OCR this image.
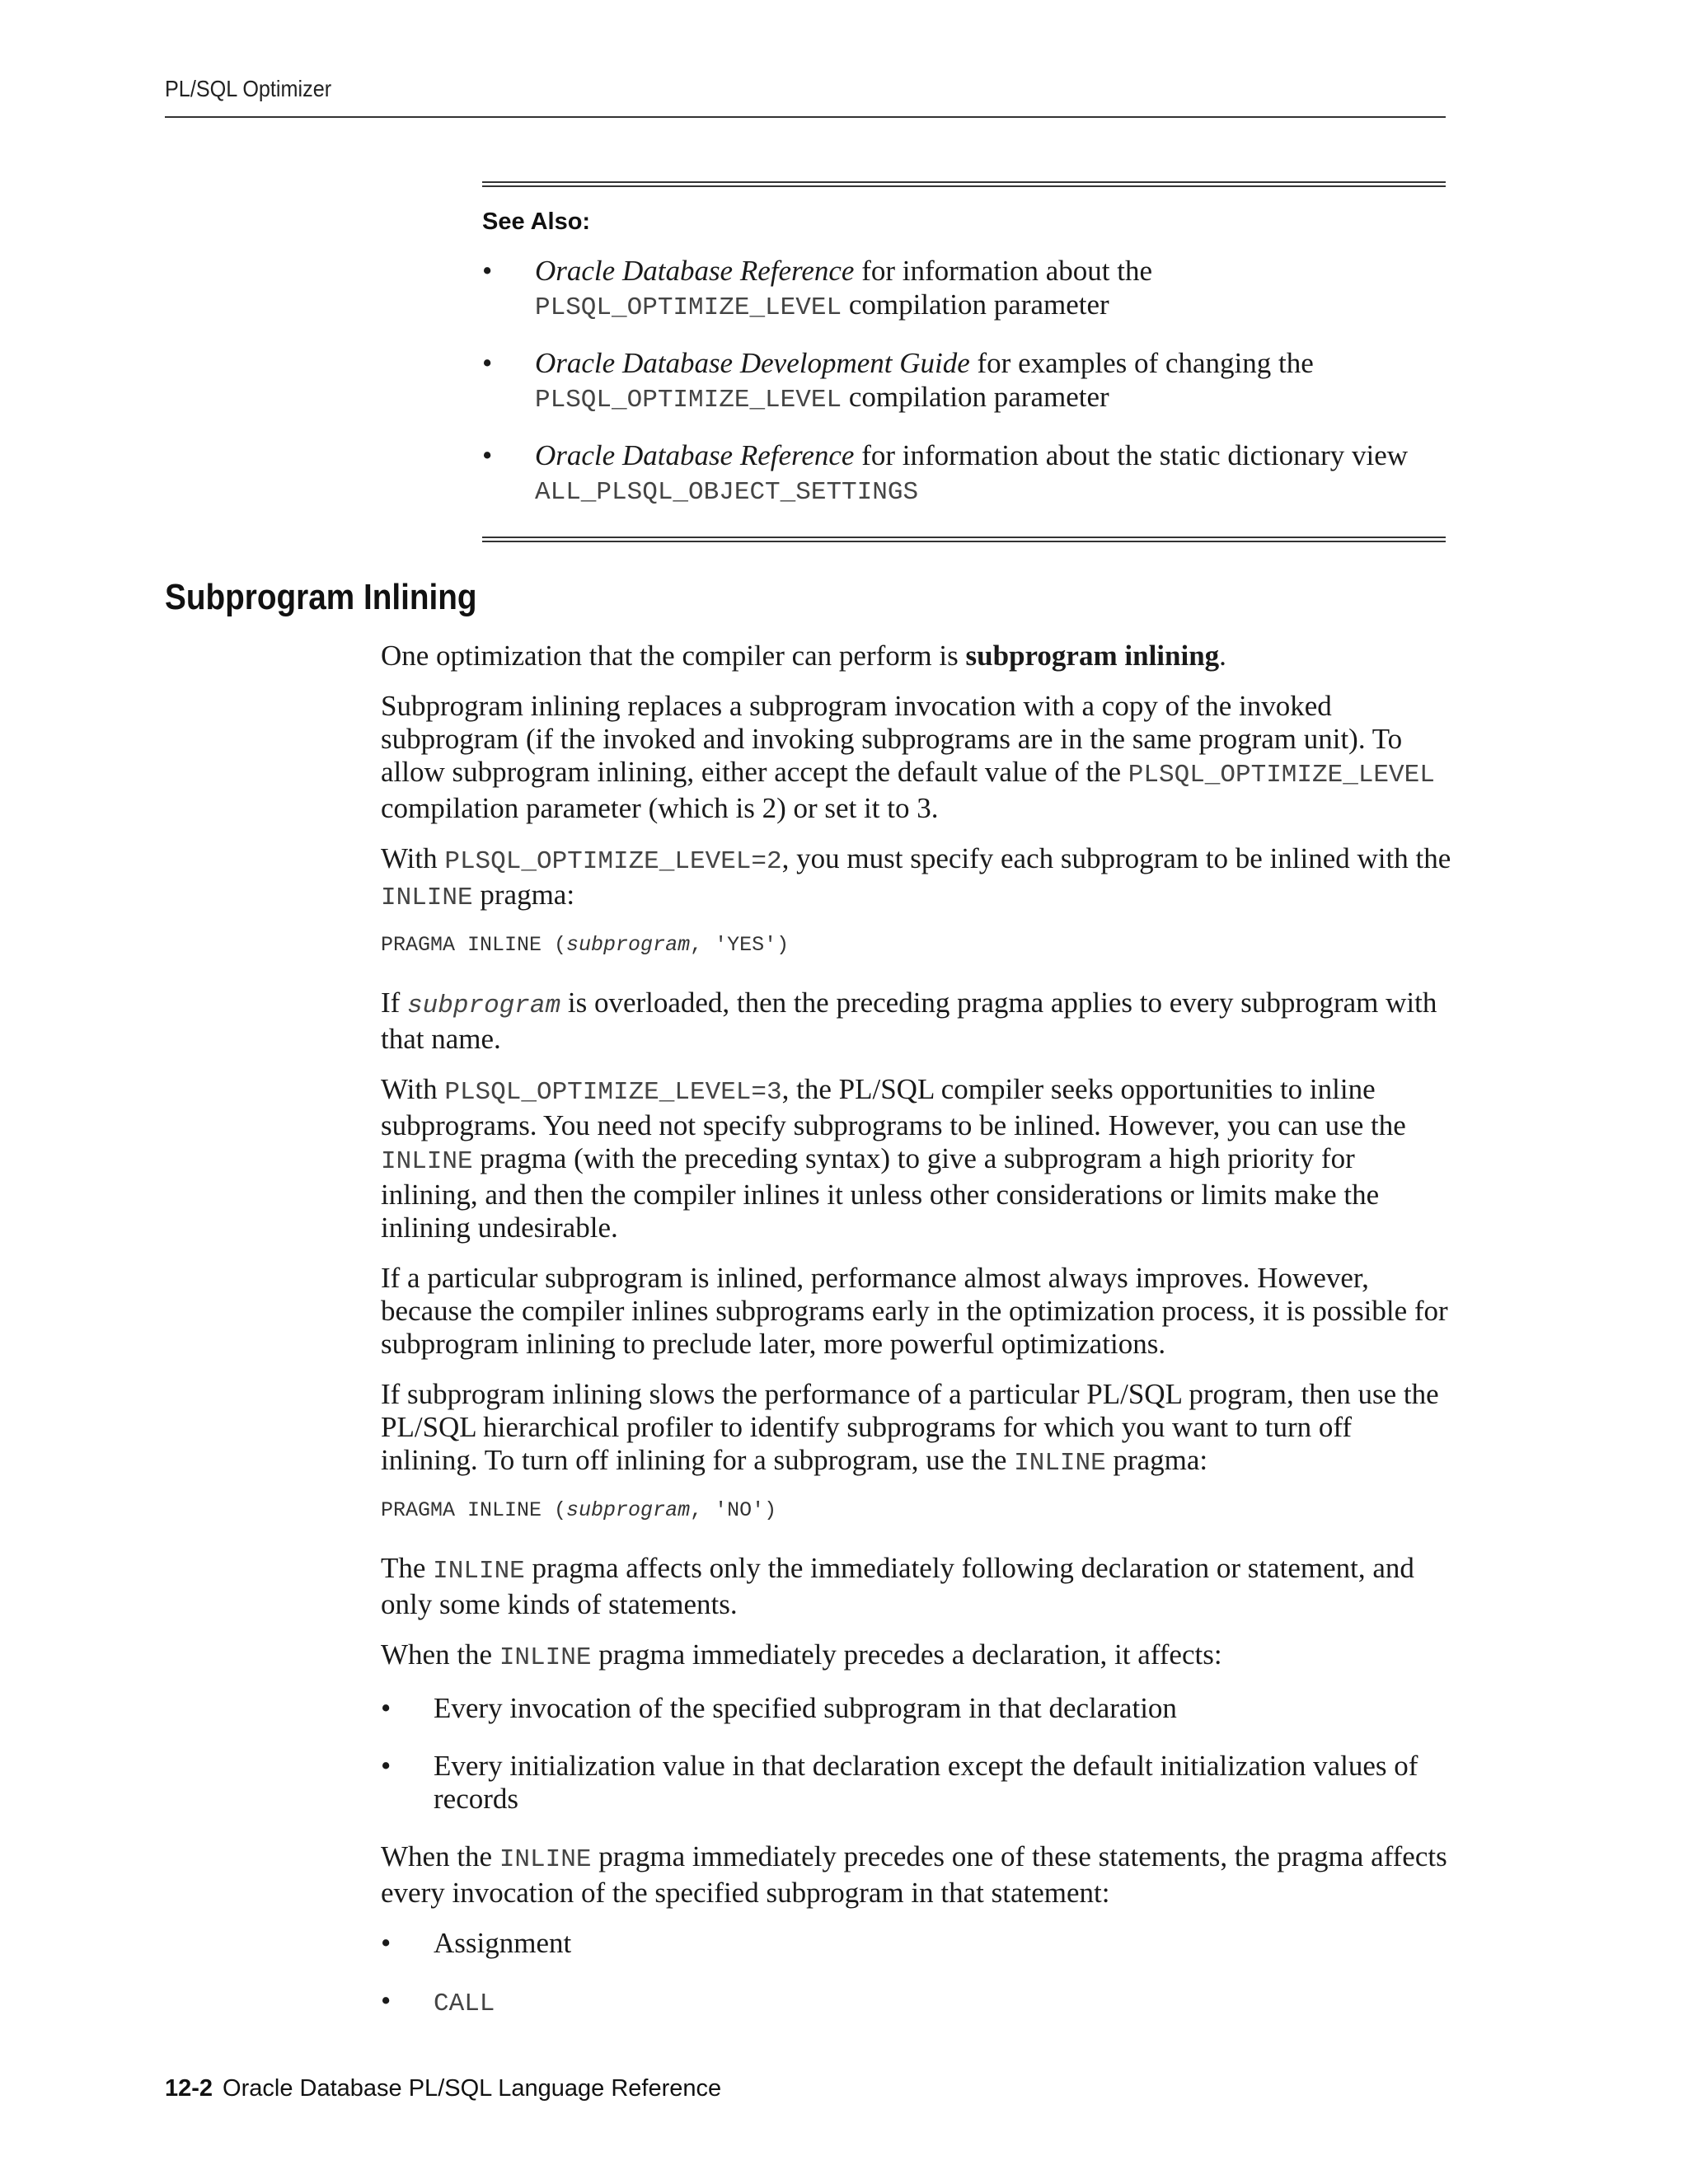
PL/SQL Optimizer
See Also:
• Oracle Database Reference for information about the
PLSQL_OPTIMIZE_LEVEL compilation parameter
• Oracle Database Development Guide for examples of changing the
PLSQL_OPTIMIZE_LEVEL compilation parameter
• Oracle Database Reference for information about the static dictionary view
ALL_PLSQL_OBJECT_SETTINGS
Subprogram Inlining

One optimization that the compiler can perform is subprogram inlining.

Subprogram inlining replaces a subprogram invocation with a copy of the invoked subprogram (if the invoked and invoking subprograms are in the same program unit). To allow subprogram inlining, either accept the default value of the PLSQL_OPTIMIZE_LEVEL compilation parameter (which is 2) or set it to 3.

With PLSQL_OPTIMIZE_LEVEL=2, you must specify each subprogram to be inlined with the INLINE pragma:

PRAGMA INLINE (subprogram, 'YES')

If subprogram is overloaded, then the preceding pragma applies to every subprogram with that name.

With PLSQL_OPTIMIZE_LEVEL=3, the PL/SQL compiler seeks opportunities to inline subprograms. You need not specify subprograms to be inlined. However, you can use the INLINE pragma (with the preceding syntax) to give a subprogram a high priority for inlining, and then the compiler inlines it unless other considerations or limits make the inlining undesirable.

If a particular subprogram is inlined, performance almost always improves. However, because the compiler inlines subprograms early in the optimization process, it is possible for subprogram inlining to preclude later, more powerful optimizations.

If subprogram inlining slows the performance of a particular PL/SQL program, then use the PL/SQL hierarchical profiler to identify subprograms for which you want to turn off inlining. To turn off inlining for a subprogram, use the INLINE pragma:

PRAGMA INLINE (subprogram, 'NO')

The INLINE pragma affects only the immediately following declaration or statement, and only some kinds of statements.

When the INLINE pragma immediately precedes a declaration, it affects:

• Every invocation of the specified subprogram in that declaration
• Every initialization value in that declaration except the default initialization values of records

When the INLINE pragma immediately precedes one of these statements, the pragma affects every invocation of the specified subprogram in that statement:

• Assignment
• CALL
12-2 Oracle Database PL/SQL Language Reference
